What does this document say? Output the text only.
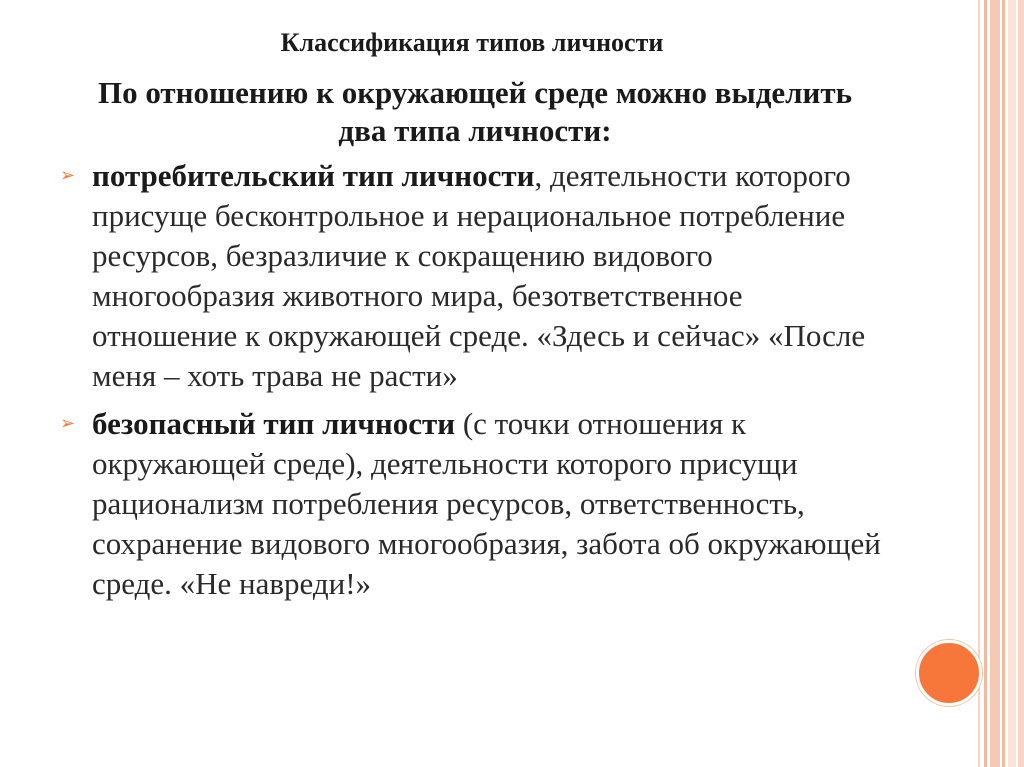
Классификация типов личности
По отношению к окружающей среде можно выделить два типа личности:
➢ потребительский тип личности, деятельности которого присуще бесконтрольное и нерациональное потребление ресурсов, безразличие к сокращению видового многообразия животного мира, безответственное отношение к окружающей среде. «Здесь и сейчас» «После меня – хоть трава не расти»
➢ безопасный тип личности (с точки отношения к окружающей среде), деятельности которого присущи рационализм потребления ресурсов, ответственность, сохранение видового многообразия, забота об окружающей среде. «Не навреди!»
